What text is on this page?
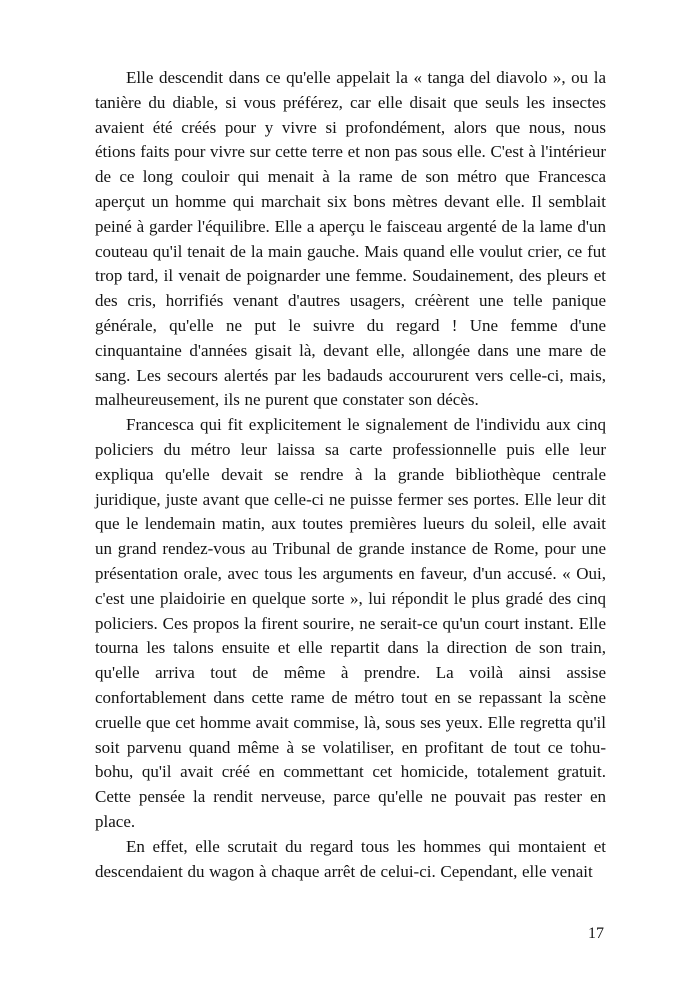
Elle descendit dans ce qu'elle appelait la « tanga del diavolo », ou la tanière du diable, si vous préférez, car elle disait que seuls les insectes avaient été créés pour y vivre si profondément, alors que nous, nous étions faits pour vivre sur cette terre et non pas sous elle. C'est à l'intérieur de ce long couloir qui menait à la rame de son métro que Francesca aperçut un homme qui marchait six bons mètres devant elle. Il semblait peiné à garder l'équilibre. Elle a aperçu le faisceau argenté de la lame d'un couteau qu'il tenait de la main gauche. Mais quand elle voulut crier, ce fut trop tard, il venait de poignarder une femme. Soudainement, des pleurs et des cris, horrifiés venant d'autres usagers, créèrent une telle panique générale, qu'elle ne put le suivre du regard ! Une femme d'une cinquantaine d'années gisait là, devant elle, allongée dans une mare de sang. Les secours alertés par les badauds accoururent vers celle-ci, mais, malheureusement, ils ne purent que constater son décès.

Francesca qui fit explicitement le signalement de l'individu aux cinq policiers du métro leur laissa sa carte professionnelle puis elle leur expliqua qu'elle devait se rendre à la grande bibliothèque centrale juridique, juste avant que celle-ci ne puisse fermer ses portes. Elle leur dit que le lendemain matin, aux toutes premières lueurs du soleil, elle avait un grand rendez-vous au Tribunal de grande instance de Rome, pour une présentation orale, avec tous les arguments en faveur, d'un accusé. « Oui, c'est une plaidoirie en quelque sorte », lui répondit le plus gradé des cinq policiers. Ces propos la firent sourire, ne serait-ce qu'un court instant. Elle tourna les talons ensuite et elle repartit dans la direction de son train, qu'elle arriva tout de même à prendre. La voilà ainsi assise confortablement dans cette rame de métro tout en se repassant la scène cruelle que cet homme avait commise, là, sous ses yeux. Elle regretta qu'il soit parvenu quand même à se volatiliser, en profitant de tout ce tohu-bohu, qu'il avait créé en commettant cet homicide, totalement gratuit. Cette pensée la rendit nerveuse, parce qu'elle ne pouvait pas rester en place.

En effet, elle scrutait du regard tous les hommes qui montaient et descendaient du wagon à chaque arrêt de celui-ci. Cependant, elle venait

17
